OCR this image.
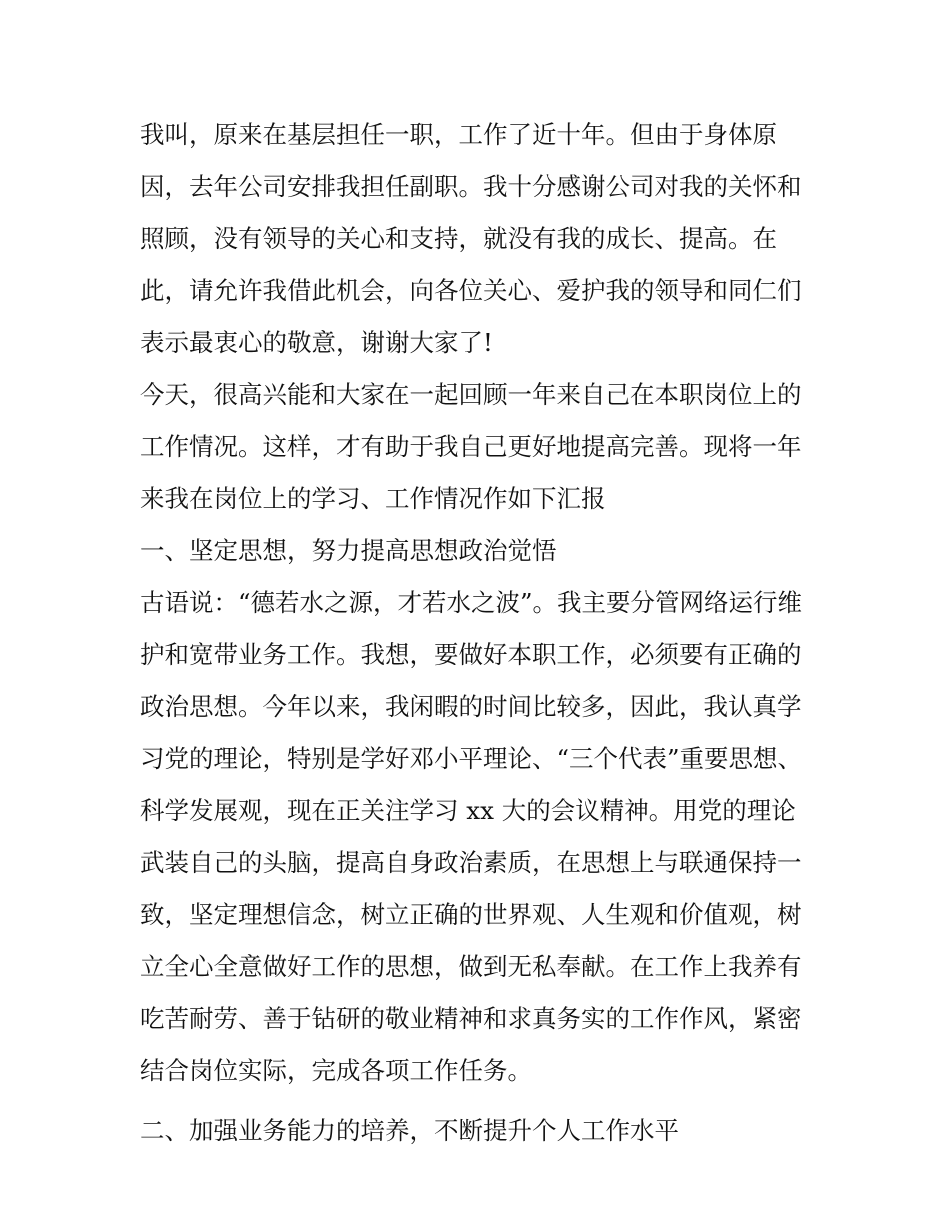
我叫，原来在基层担任一职，工作了近十年。但由于身体原
因，去年公司安排我担任副职。我十分感谢公司对我的关怀和
照顾，没有领导的关心和支持，就没有我的成长、提高。在
此，请允许我借此机会，向各位关心、爱护我的领导和同仁们
表示最衷心的敬意，谢谢大家了!
今天，很高兴能和大家在一起回顾一年来自己在本职岗位上的
工作情况。这样，才有助于我自己更好地提高完善。现将一年
来我在岗位上的学习、工作情况作如下汇报
一、坚定思想，努力提高思想政治觉悟
古语说：“德若水之源，才若水之波”。我主要分管网络运行维
护和宽带业务工作。我想，要做好本职工作，必须要有正确的
政治思想。今年以来，我闲暇的时间比较多，因此，我认真学
习党的理论，特别是学好邓小平理论、“三个代表”重要思想、
科学发展观，现在正关注学习 xx 大的会议精神。用党的理论
武装自己的头脑，提高自身政治素质，在思想上与联通保持一
致，坚定理想信念，树立正确的世界观、人生观和价值观，树
立全心全意做好工作的思想，做到无私奉献。在工作上我养有
吃苦耐劳、善于钻研的敬业精神和求真务实的工作作风，紧密
结合岗位实际，完成各项工作任务。
二、加强业务能力的培养，不断提升个人工作水平
